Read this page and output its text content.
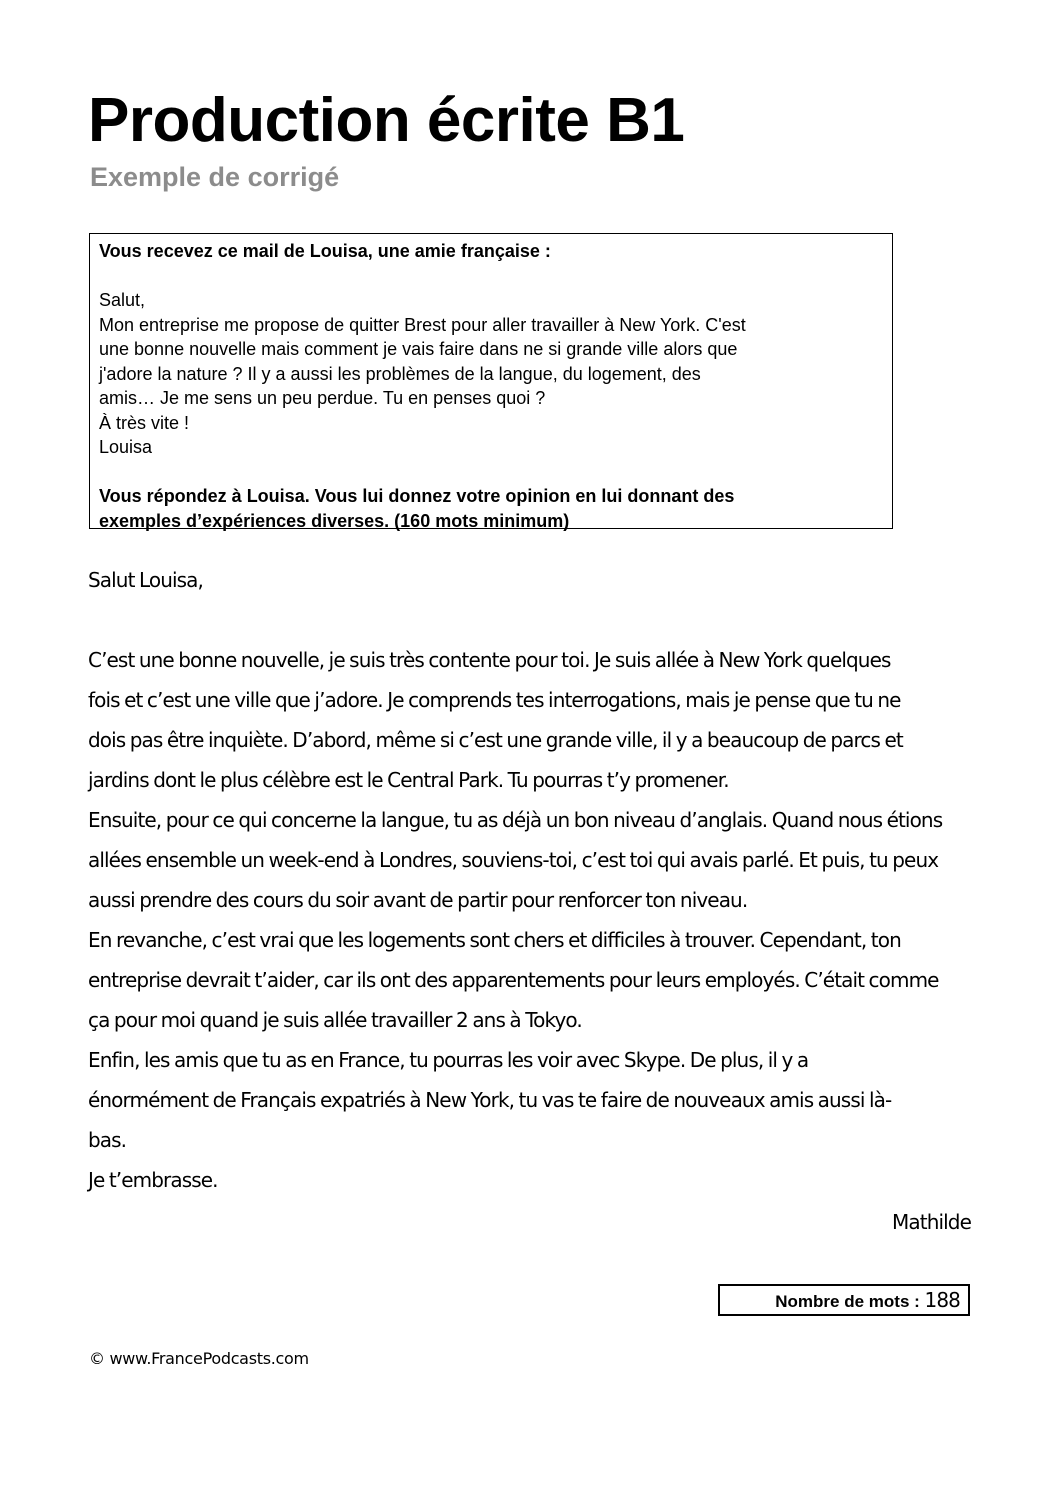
Production écrite B1
Exemple de corrigé

Vous recevez ce mail de Louisa, une amie française :

Salut,

Mon entreprise me propose de quitter Brest pour aller travailler à New York. C'est

une bonne nouvelle mais comment je vais faire dans ne si grande ville alors que

j'adore la nature ? Il y a aussi les problèmes de la langue, du logement, des

amis… Je me sens un peu perdue. Tu en penses quoi ?

À très vite !

Louisa

Vous répondez à Louisa. Vous lui donnez votre opinion en lui donnant des

exemples d’expériences diverses. (160 mots minimum)

Salut Louisa,

C’est une bonne nouvelle, je suis très contente pour toi. Je suis allée à New York quelques

fois et c’est une ville que j’adore. Je comprends tes interrogations, mais je pense que tu ne

dois pas être inquiète. D’abord, même si c’est une grande ville, il y a beaucoup de parcs et

jardins dont le plus célèbre est le Central Park. Tu pourras t’y promener.

Ensuite, pour ce qui concerne la langue, tu as déjà un bon niveau d’anglais. Quand nous étions

allées ensemble un week-end à Londres, souviens-toi, c’est toi qui avais parlé. Et puis, tu peux

aussi prendre des cours du soir avant de partir pour renforcer ton niveau.

En revanche, c’est vrai que les logements sont chers et difficiles à trouver. Cependant, ton

entreprise devrait t’aider, car ils ont des apparentements pour leurs employés. C’était comme

ça pour moi quand je suis allée travailler 2 ans à Tokyo.

Enfin, les amis que tu as en France, tu pourras les voir avec Skype. De plus, il y a

énormément de Français expatriés à New York, tu vas te faire de nouveaux amis aussi là-

bas.

Je t’embrasse.

Mathilde
Nombre de mots : 188
© www.FrancePodcasts.com
